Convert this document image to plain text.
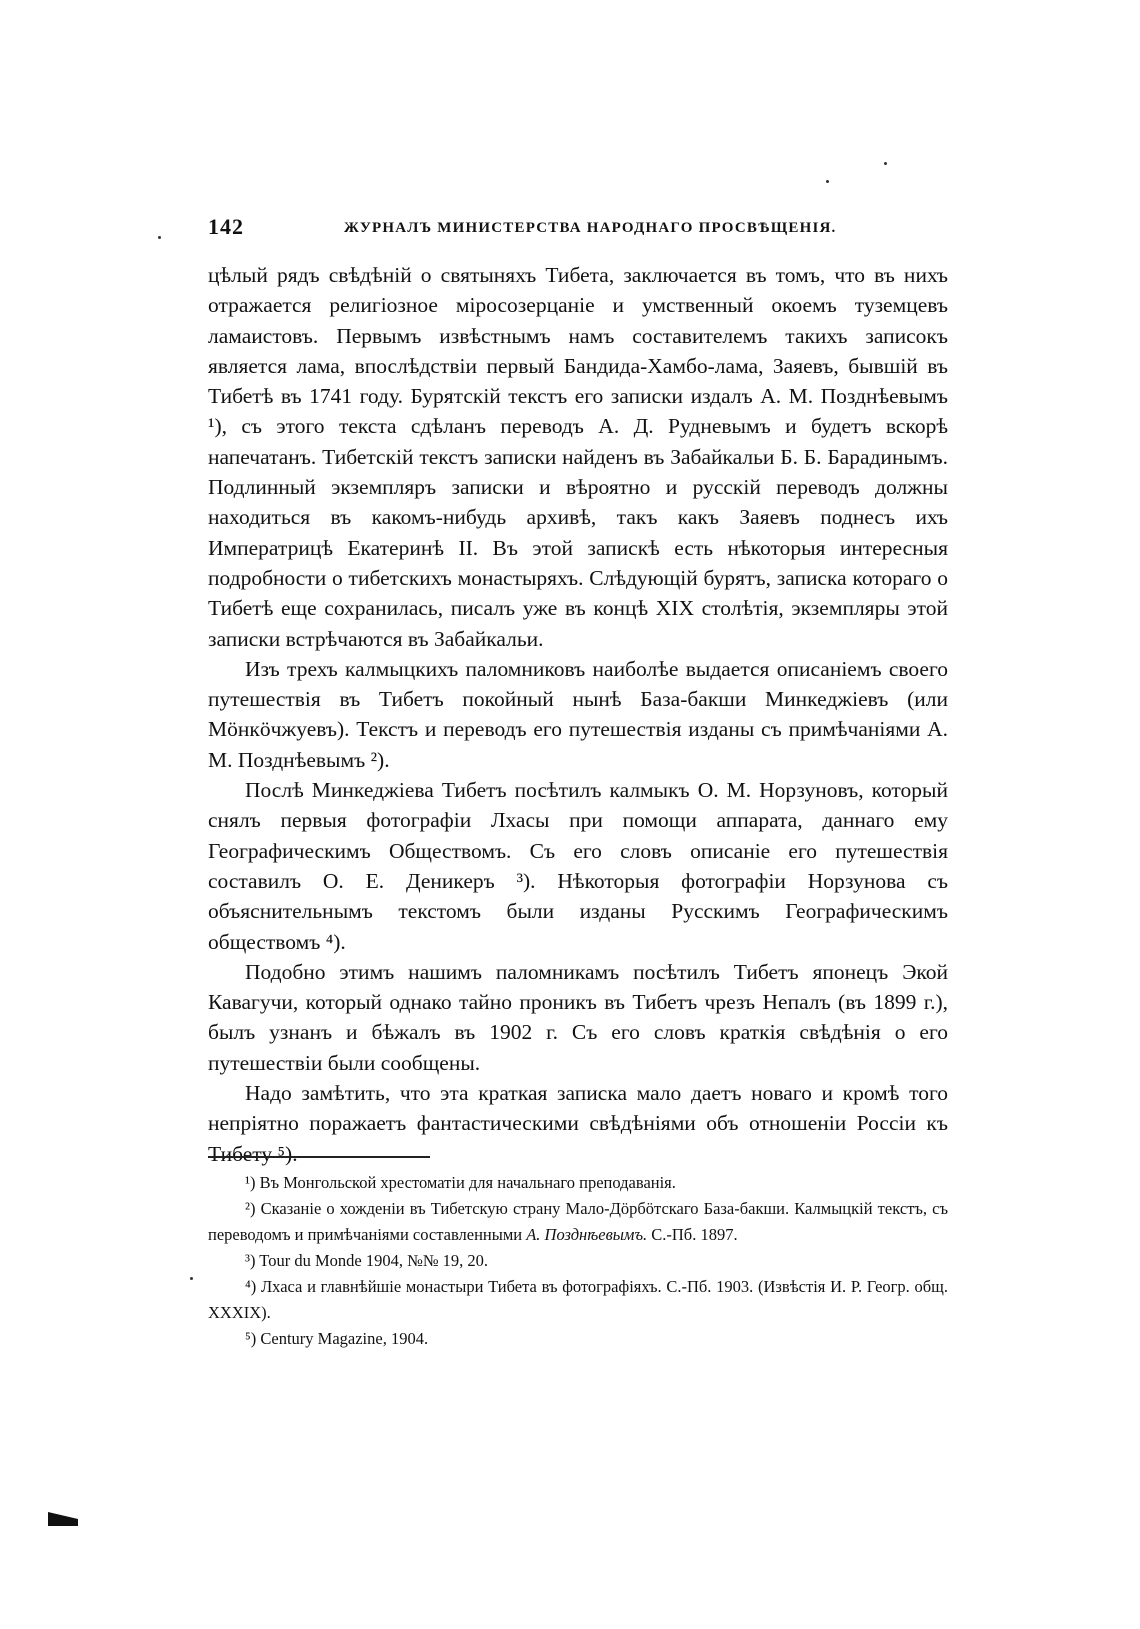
142	ЖУРНАЛЪ МИНИСТЕРСТВА НАРОДНАГО ПРОСВѢЩЕНІЯ.

цѣлый рядъ свѣдѣній о святыняхъ Тибета, заключается въ томъ, что въ нихъ отражается религіозное міросозерцаніе и умственный окоемъ туземцевъ ламаистовъ. Первымъ извѣстнымъ намъ составителемъ такихъ записокъ является лама, впослѣдствіи первый Бандида-Хамбо-лама, Заяевъ, бывшій въ Тибетѣ въ 1741 году. Бурятскій текстъ его записки издалъ А. М. Позднѣевымъ ¹), съ этого текста сдѣланъ переводъ А. Д. Рудневымъ и будетъ вскорѣ напечатанъ. Тибетскій текстъ записки найденъ въ Забайкальи Б. Б. Барадинымъ. Подлинный экземпляръ записки и вѣроятно и русскій переводъ должны находиться въ какомъ-нибудь архивѣ, такъ какъ Заяевъ поднесъ ихъ Императрицѣ Екатеринѣ II. Въ этой запискѣ есть нѣкоторыя интересныя подробности о тибетскихъ монастыряхъ. Слѣдующій бурятъ, записка котораго о Тибетѣ еще сохранилась, писалъ уже въ концѣ XIX столѣтія, экземпляры этой записки встрѣчаются въ Забайкальи.

Изъ трехъ калмыцкихъ паломниковъ наиболѣе выдается описаніемъ своего путешествія въ Тибетъ покойный нынѣ База-бакши Минкеджіевъ (или Мöнкöчжуевъ). Текстъ и переводъ его путешествія изданы съ примѣчаніями А. М. Позднѣевымъ ²).

Послѣ Минкеджіева Тибетъ посѣтилъ калмыкъ О. М. Норзуновъ, который снялъ первыя фотографіи Лхасы при помощи аппарата, даннаго ему Географическимъ Обществомъ. Съ его словъ описаніе его путешествія составилъ О. Е. Деникеръ ³). Нѣкоторыя фотографіи Норзунова съ объяснительнымъ текстомъ были изданы Русскимъ Географическимъ обществомъ ⁴).

Подобно этимъ нашимъ паломникамъ посѣтилъ Тибетъ японецъ Экой Кавагучи, который однако тайно проникъ въ Тибетъ чрезъ Непалъ (въ 1899 г.), былъ узнанъ и бѣжалъ въ 1902 г. Съ его словъ краткія свѣдѣнія о его путешествіи были сообщены.

Надо замѣтить, что эта краткая записка мало даетъ новаго и кромѣ того непріятно поражаетъ фантастическими свѣдѣніями объ отношеніи Россіи къ Тибету ⁵).

¹) Въ Монгольской хрестоматіи для начальнаго преподаванія.

²) Сказаніе о хожденіи въ Тибетскую страну Мало-Дöрбöтскаго База-бакши. Калмыцкій текстъ, съ переводомъ и примѣчаніями составленными А. Позднѣевымъ. С.-Пб. 1897.

³) Tour du Monde 1904, №№ 19, 20.

⁴) Лхаса и главнѣйшіе монастыри Тибета въ фотографіяхъ. С.-Пб. 1903. (Извѣстія И. Р. Геогр. общ. XXXIX).

⁵) Century Magazine, 1904.
